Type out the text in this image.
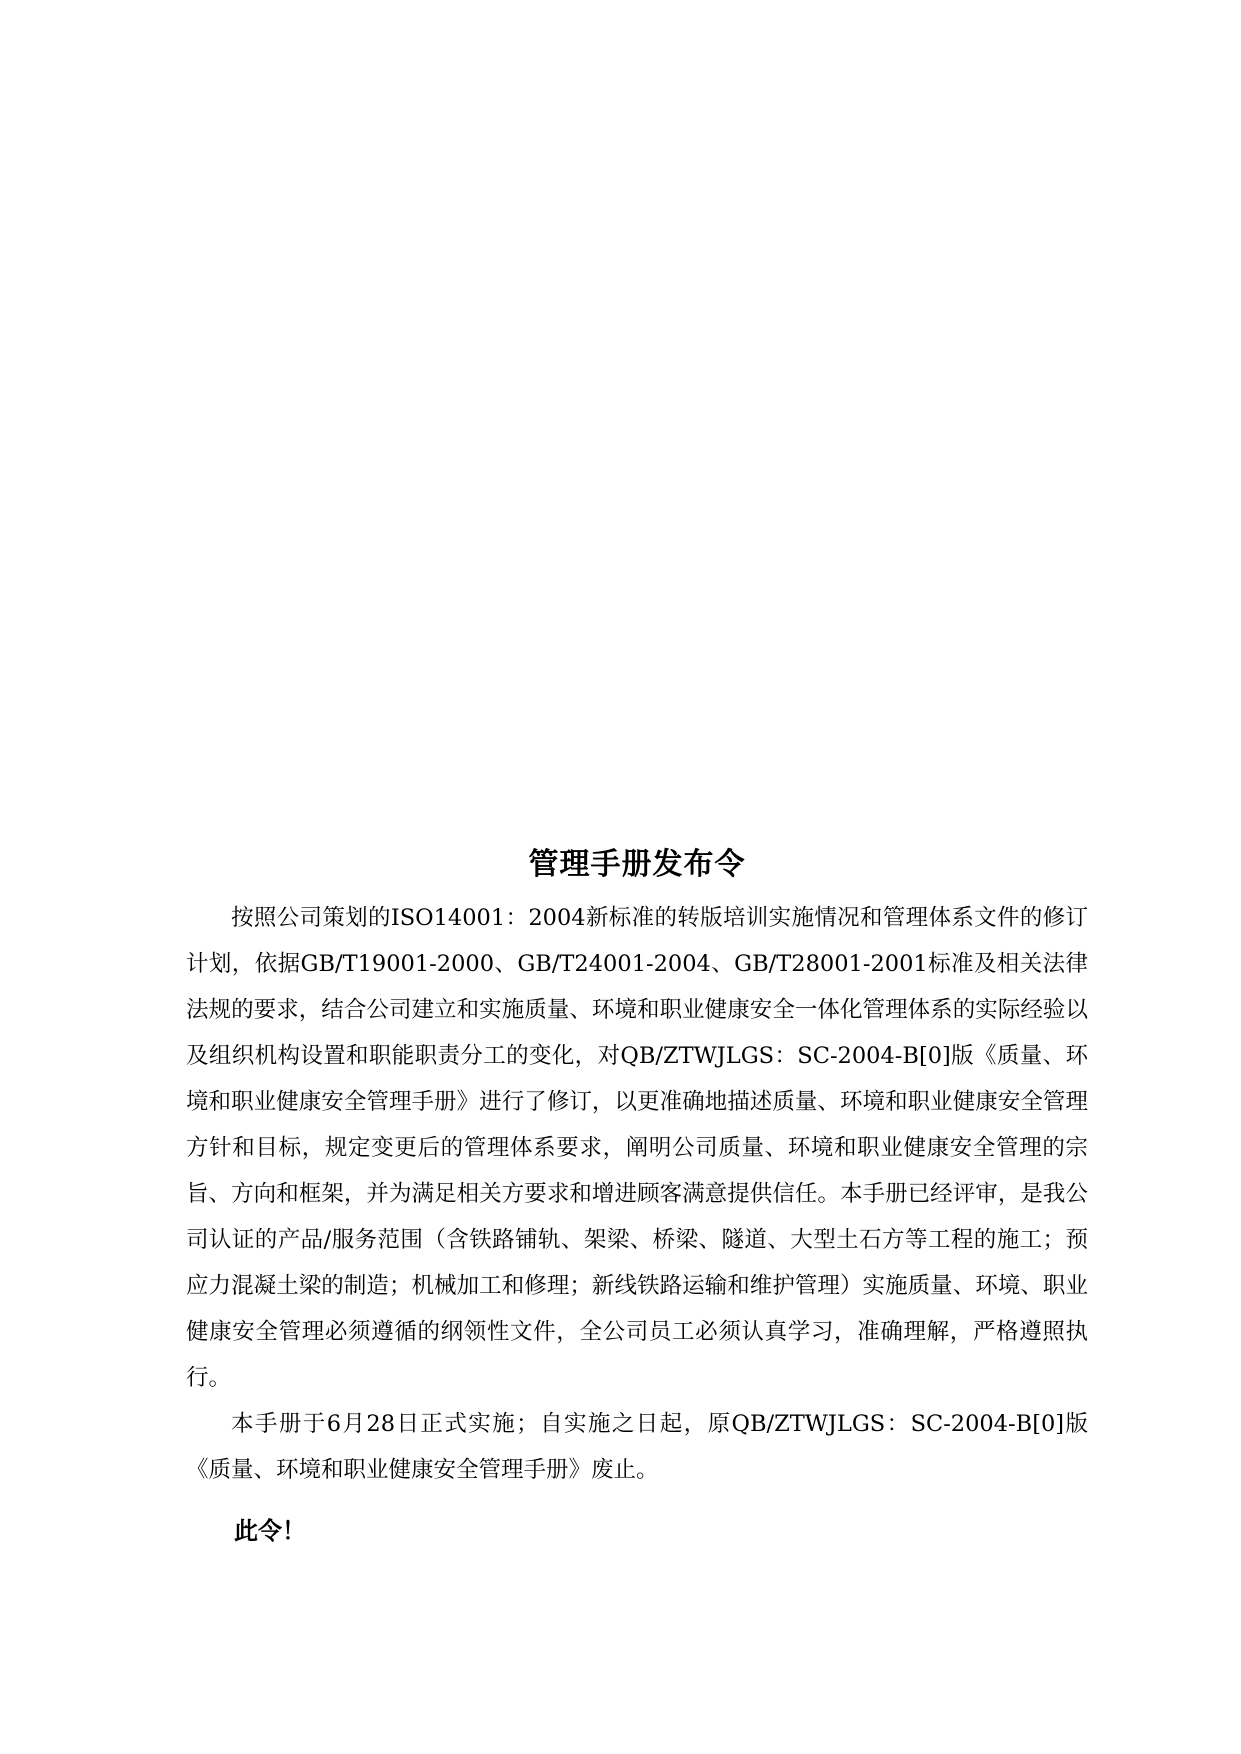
管理手册发布令

按照公司策划的ISO14001：2004新标准的转版培训实施情况和管理体系文件的修订计划，依据GB/T19001-2000、GB/T24001-2004、GB/T28001-2001标准及相关法律法规的要求，结合公司建立和实施质量、环境和职业健康安全一体化管理体系的实际经验以及组织机构设置和职能职责分工的变化，对QB/ZTWJLGS：SC-2004-B[0]版《质量、环境和职业健康安全管理手册》进行了修订，以更准确地描述质量、环境和职业健康安全管理方针和目标，规定变更后的管理体系要求，阐明公司质量、环境和职业健康安全管理的宗旨、方向和框架，并为满足相关方要求和增进顾客满意提供信任。本手册已经评审，是我公司认证的产品/服务范围（含铁路铺轨、架梁、桥梁、隧道、大型土石方等工程的施工；预应力混凝土梁的制造；机械加工和修理；新线铁路运输和维护管理）实施质量、环境、职业健康安全管理必须遵循的纲领性文件，全公司员工必须认真学习，准确理解，严格遵照执行。

本手册于6月28日正式实施；自实施之日起，原QB/ZTWJLGS：SC-2004-B[0]版《质量、环境和职业健康安全管理手册》废止。

此令！
